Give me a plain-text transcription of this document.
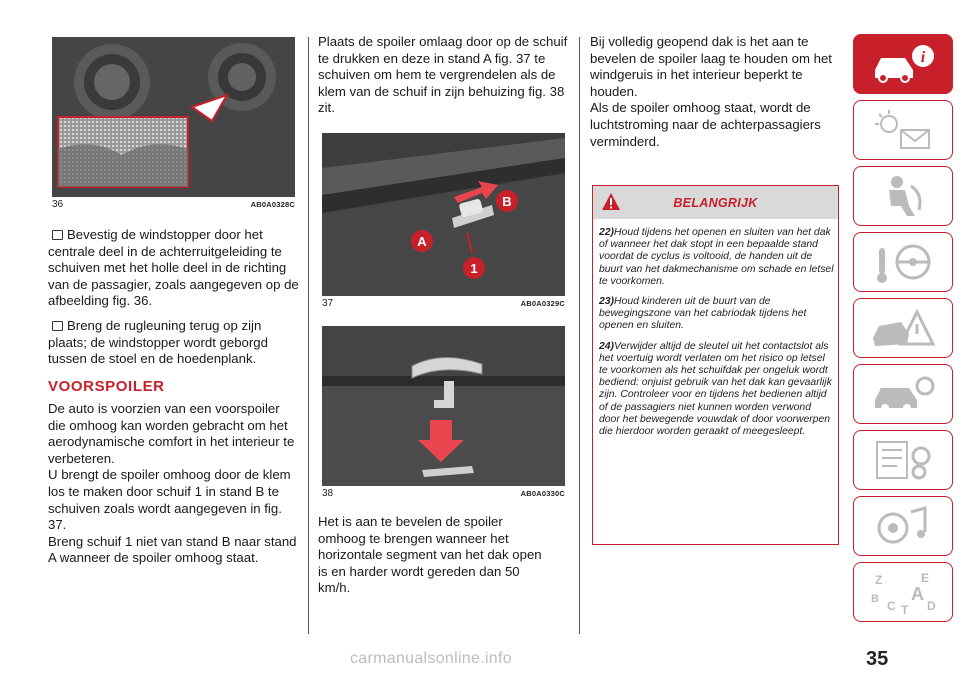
36	AB0A0328C
Bevestig de windstopper door het centrale deel in de achterruitgeleiding te schuiven met het holle deel in de richting van de passagier, zoals aangegeven op de afbeelding fig. 36.
Breng de rugleuning terug op zijn plaats; de windstopper wordt geborgd tussen de stoel en de hoedenplank.
VOORSPOILER
De auto is voorzien van een voorspoiler die omhoog kan worden gebracht om het aerodynamische comfort in het interieur te verbeteren.
U brengt de spoiler omhoog door de klem los te maken door schuif 1 in stand B te schuiven zoals wordt aangegeven in fig. 37.
Breng schuif 1 niet van stand B naar stand A wanneer de spoiler omhoog staat.
Plaats de spoiler omlaag door op de schuif te drukken en deze in stand A fig. 37 te schuiven om hem te vergrendelen als de klem van de schuif in zijn behuizing fig. 38 zit.
1
A
B
37	AB0A0329C
38	AB0A0330C
Het is aan te bevelen de spoiler omhoog te brengen wanneer het horizontale segment van het dak open is en harder wordt gereden dan 50 km/h.
Bij volledig geopend dak is het aan te bevelen de spoiler laag te houden om het windgeruis in het interieur beperkt te houden.
Als de spoiler omhoog staat, wordt de luchtstroming naar de achterpassagiers verminderd.
BELANGRIJK

22)Houd tijdens het openen en sluiten van het dak of wanneer het dak stopt in een bepaalde stand voordat de cyclus is voltooid, de handen uit de buurt van het dakmechanisme om schade en letsel te voorkomen.

23)Houd kinderen uit de buurt van de bewegingszone van het cabriodak tijdens het openen en sluiten.

24)Verwijder altijd de sleutel uit het contactslot als het voertuig wordt verlaten om het risico op letsel te voorkomen als het schuifdak per ongeluk wordt bediend: onjuist gebruik van het dak kan gevaarlijk zijn. Controleer voor en tijdens het bedienen altijd of de passagiers niet kunnen worden verwond door het bewegende vouwdak of door voorwerpen die hierdoor worden geraakt of meegesleept.

i
Z	E
B A
C	D
T
35
carmanualsonline.info
